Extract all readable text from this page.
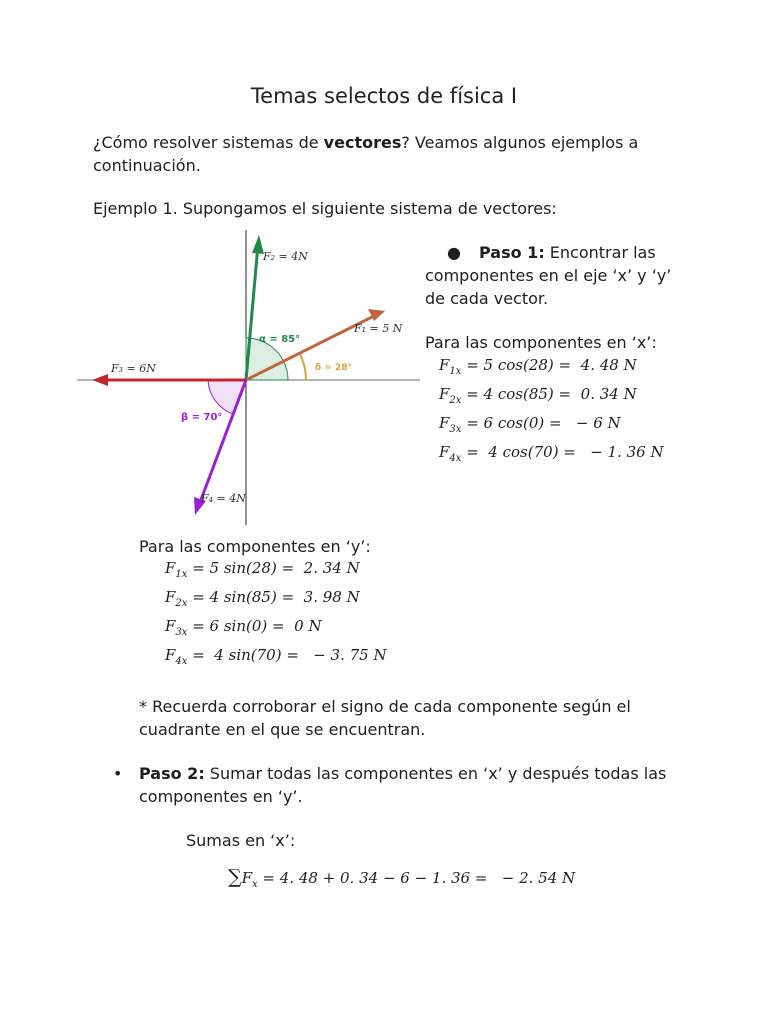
Temas selectos de física I
¿Cómo resolver sistemas de vectores? Veamos algunos ejemplos a continuación.
Ejemplo 1. Supongamos el siguiente sistema de vectores:
F₂ = 4N
F₁ = 5 N
F₃ = 6N
F₄ = 4N
α = 85°
δ = 28°
β = 70°
● Paso 1: Encontrar las componentes en el eje ‘x’ y ‘y’ de cada vector.
Para las componentes en ‘x’:
$F_{1x} = 5$ cos(28) =  4. 48 N
$F_{2x} = 4$ cos(85) =  0. 34 N
$F_{3x} = 6$ cos(0) =   − 6 N
$F_{4x} = 4$ cos(70) =   − 1. 36 N
Para las componentes en ‘y’:
$F_{1x} = 5$ sin(28) =  2. 34 N
$F_{2x} = 4$ sin(85) =  3. 98 N
$F_{3x} = 6$ sin(0) =  0 N
$F_{4x} = 4$ sin(70) =   − 3. 75 N
* Recuerda corroborar el signo de cada componente según el cuadrante en el que se encuentran.
• Paso 2: Sumar todas las componentes en ‘x’ y después todas las componentes en ‘y’.
Sumas en ‘x’:
$\sum F_x = 4$. 48 + 0. 34 − 6 − 1. 36 =   − 2. 54 N
